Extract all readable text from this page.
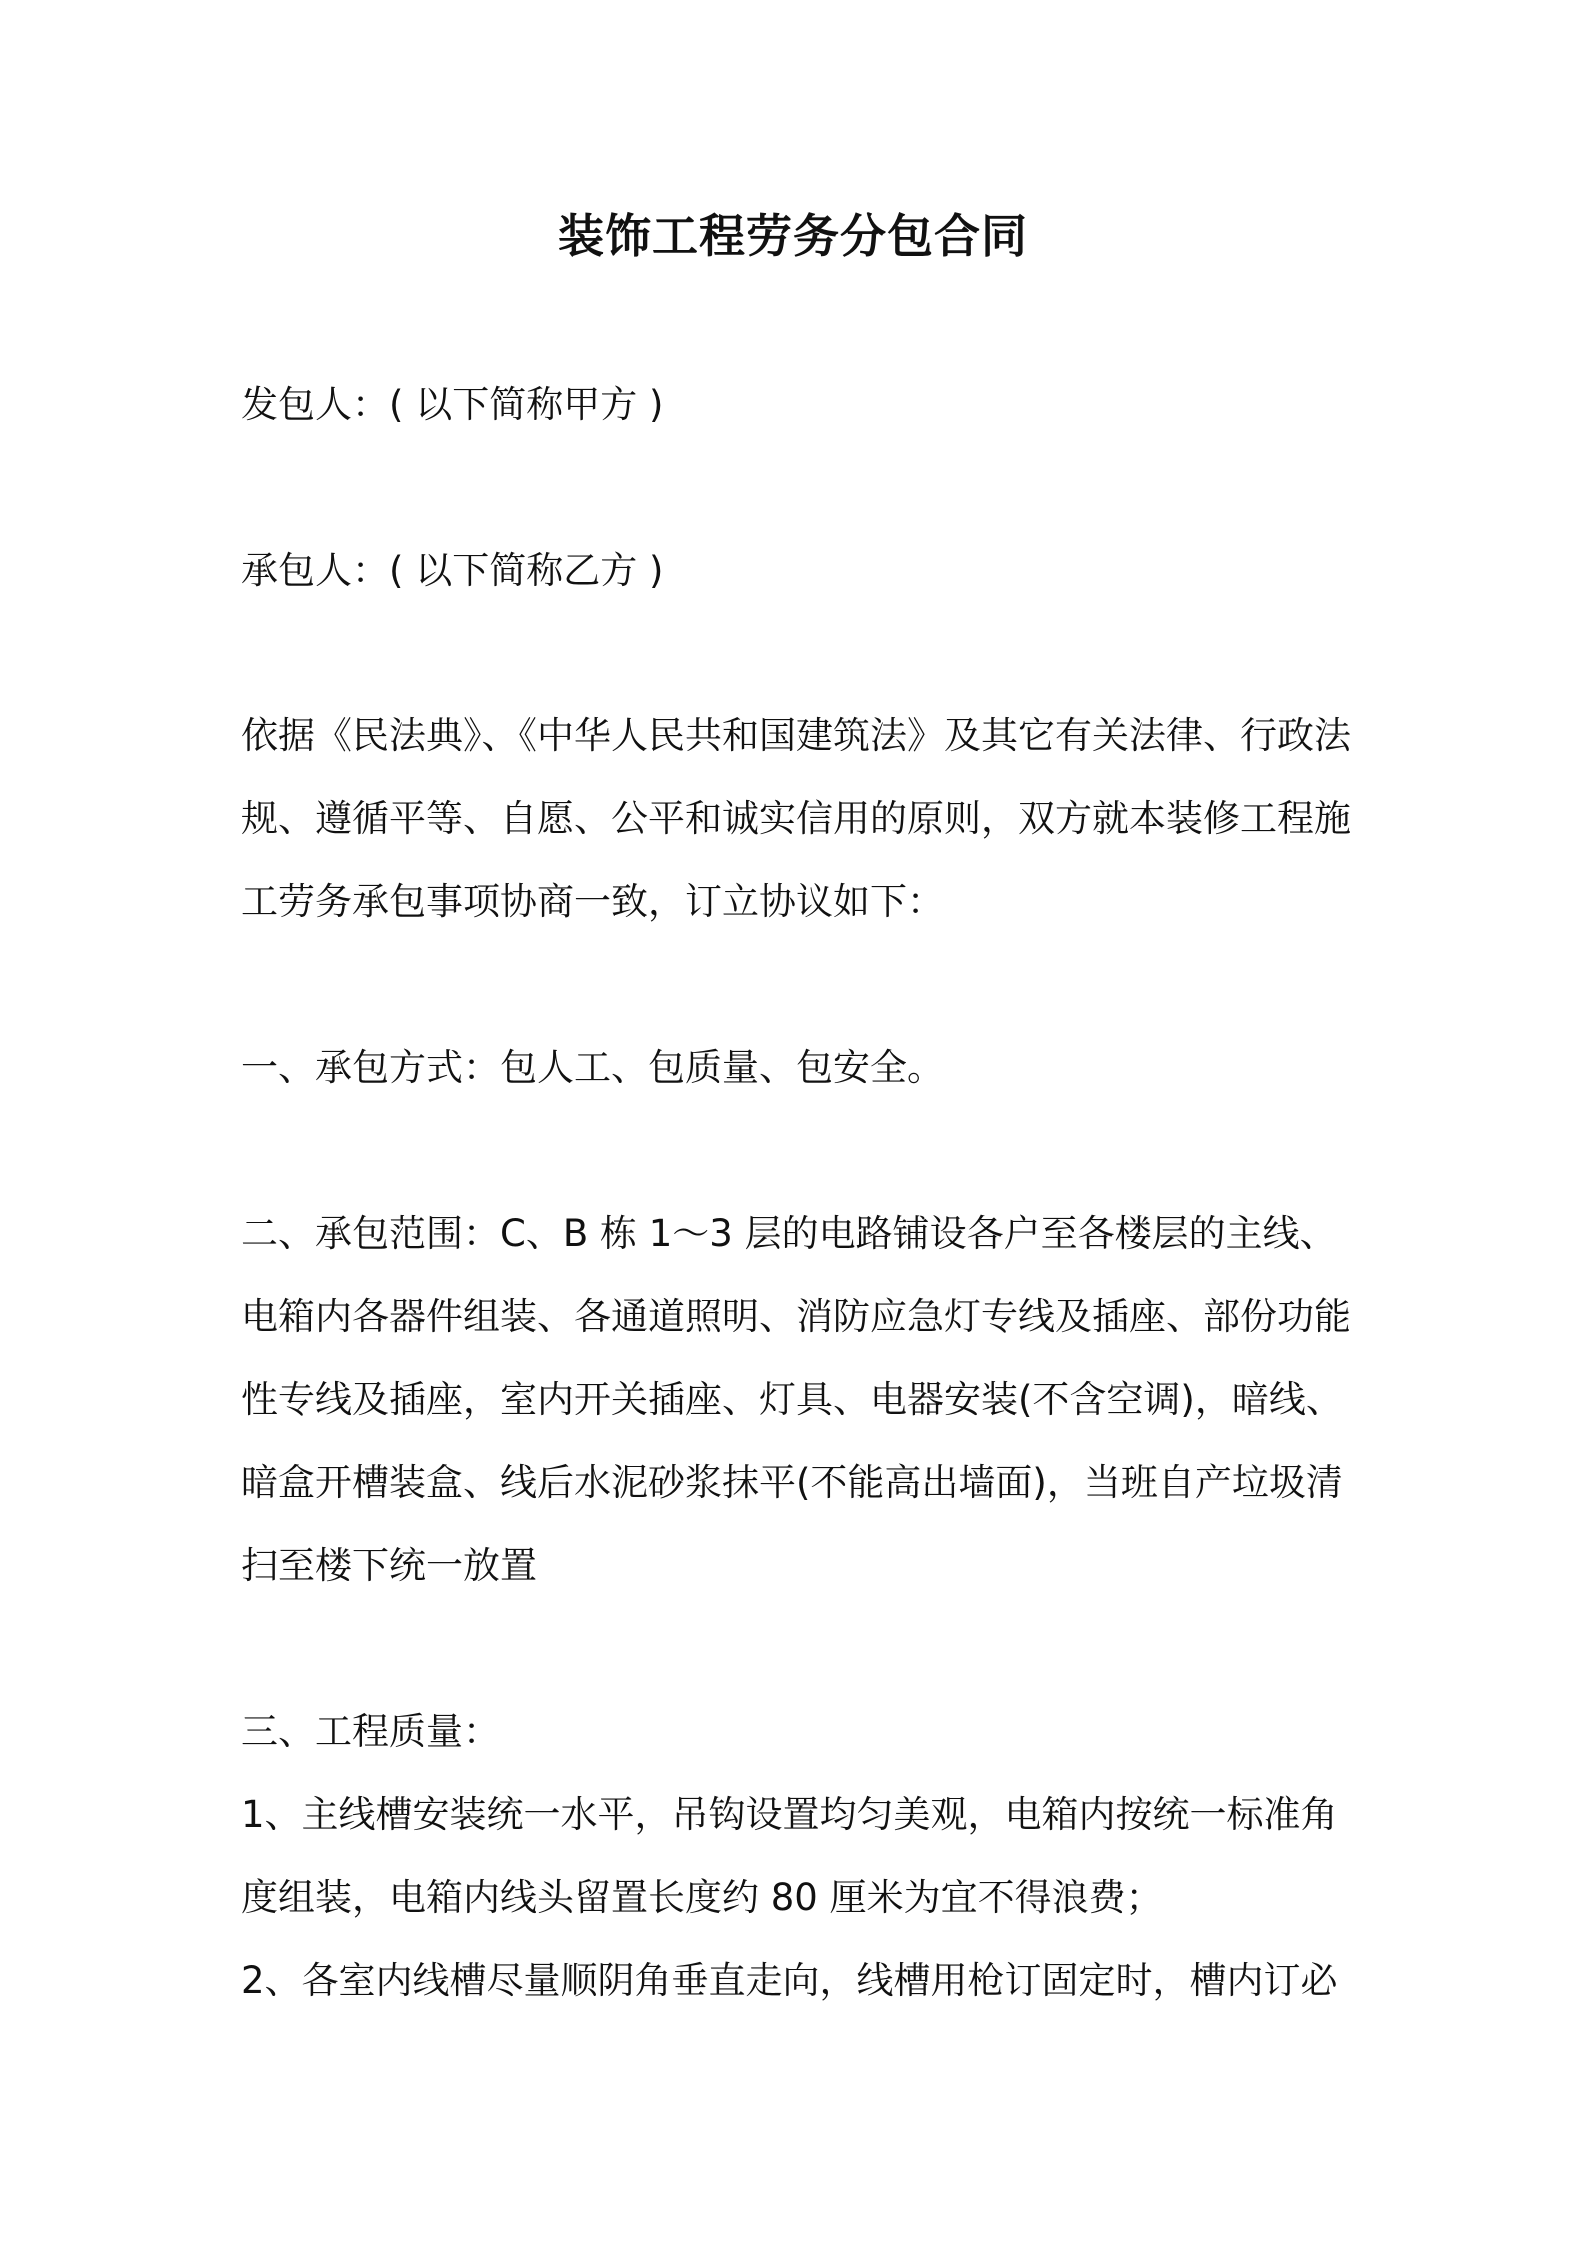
装饰工程劳务分包合同

发包人：( 以下简称甲方 )

承包人：( 以下简称乙方 )

依据《民法典》、《中华人民共和国建筑法》及其它有关法律、行政法

规、遵循平等、自愿、公平和诚实信用的原则，双方就本装修工程施

工劳务承包事项协商一致，订立协议如下：

一、承包方式：包人工、包质量、包安全。

二、承包范围：C、B 栋 1～3 层的电路铺设各户至各楼层的主线、

电箱内各器件组装、各通道照明、消防应急灯专线及插座、部份功能

性专线及插座，室内开关插座、灯具、电器安装(不含空调)，暗线、

暗盒开槽装盒、线后水泥砂浆抹平(不能高出墙面)，当班自产垃圾清

扫至楼下统一放置

三、工程质量：

1、主线槽安装统一水平，吊钩设置均匀美观，电箱内按统一标准角

度组装，电箱内线头留置长度约 80 厘米为宜不得浪费；

2、各室内线槽尽量顺阴角垂直走向，线槽用枪订固定时，槽内订必
